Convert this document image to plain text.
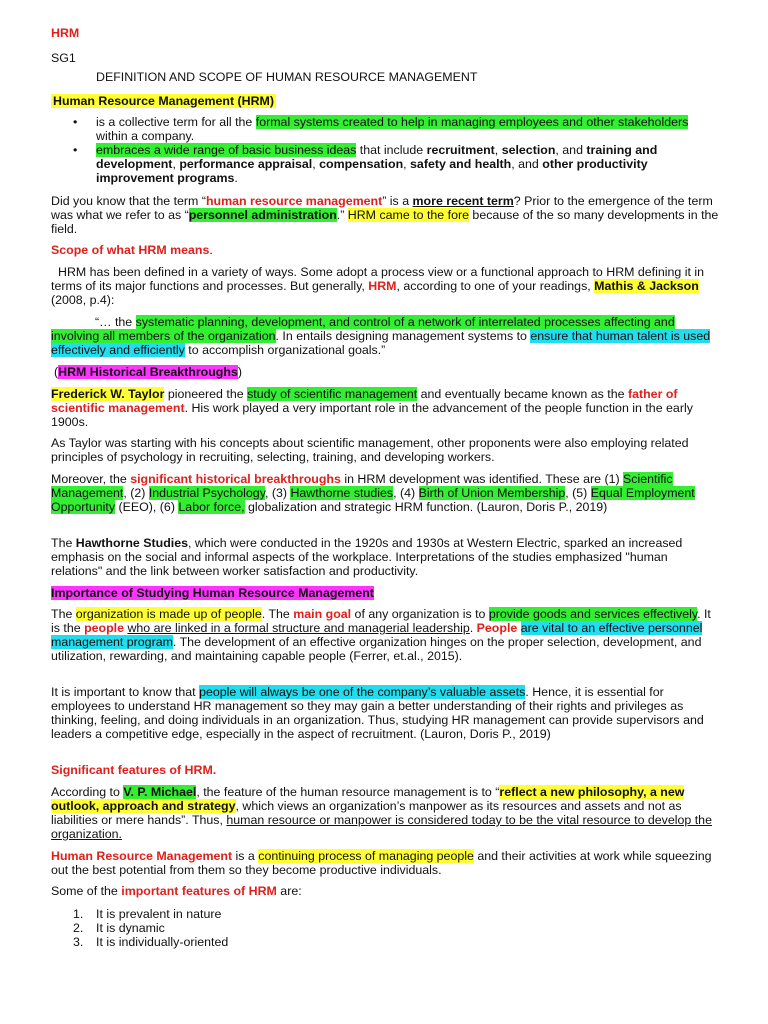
HRM
SG1
DEFINITION AND SCOPE OF HUMAN RESOURCE MANAGEMENT
Human Resource Management (HRM)
• is a collective term for all the formal systems created to help in managing employees and other stakeholders within a company.
• embraces a wide range of basic business ideas that include recruitment, selection, and training and development, performance appraisal, compensation, safety and health, and other productivity improvement programs.

Did you know that the term “human resource management” is a more recent term? Prior to the emergence of the term was what we refer to as “personnel administration.” HRM came to the fore because of the so many developments in the field.

Scope of what HRM means.

HRM has been defined in a variety of ways. Some adopt a process view or a functional approach to HRM defining it in terms of its major functions and processes. But generally, HRM, according to one of your readings, Mathis & Jackson (2008, p.4):

“… the systematic planning, development, and control of a network of interrelated processes affecting and involving all members of the organization. In entails designing management systems to ensure that human talent is used effectively and efficiently to accomplish organizational goals.”

(HRM Historical Breakthroughs)

Frederick W. Taylor pioneered the study of scientific management and eventually became known as the father of scientific management. His work played a very important role in the advancement of the people function in the early 1900s.

As Taylor was starting with his concepts about scientific management, other proponents were also employing related principles of psychology in recruiting, selecting, training, and developing workers.

Moreover, the significant historical breakthroughs in HRM development was identified. These are (1) Scientific Management, (2) Industrial Psychology, (3) Hawthorne studies, (4) Birth of Union Membership, (5) Equal Employment Opportunity (EEO), (6) Labor force, globalization and strategic HRM function. (Lauron, Doris P., 2019)

The Hawthorne Studies, which were conducted in the 1920s and 1930s at Western Electric, sparked an increased emphasis on the social and informal aspects of the workplace. Interpretations of the studies emphasized "human relations" and the link between worker satisfaction and productivity.

Importance of Studying Human Resource Management

The organization is made up of people. The main goal of any organization is to provide goods and services effectively. It is the people who are linked in a formal structure and managerial leadership. People are vital to an effective personnel management program. The development of an effective organization hinges on the proper selection, development, and utilization, rewarding, and maintaining capable people (Ferrer, et.al., 2015).

It is important to know that people will always be one of the company’s valuable assets. Hence, it is essential for employees to understand HR management so they may gain a better understanding of their rights and privileges as thinking, feeling, and doing individuals in an organization. Thus, studying HR management can provide supervisors and leaders a competitive edge, especially in the aspect of recruitment. (Lauron, Doris P., 2019)

Significant features of HRM.

According to V. P. Michael, the feature of the human resource management is to “reflect a new philosophy, a new outlook, approach and strategy, which views an organization’s manpower as its resources and assets and not as liabilities or mere hands”. Thus, human resource or manpower is considered today to be the vital resource to develop the organization.

Human Resource Management is a continuing process of managing people and their activities at work while squeezing out the best potential from them so they become productive individuals.

Some of the important features of HRM are:

1. It is prevalent in nature
2. It is dynamic
3. It is individually-oriented
